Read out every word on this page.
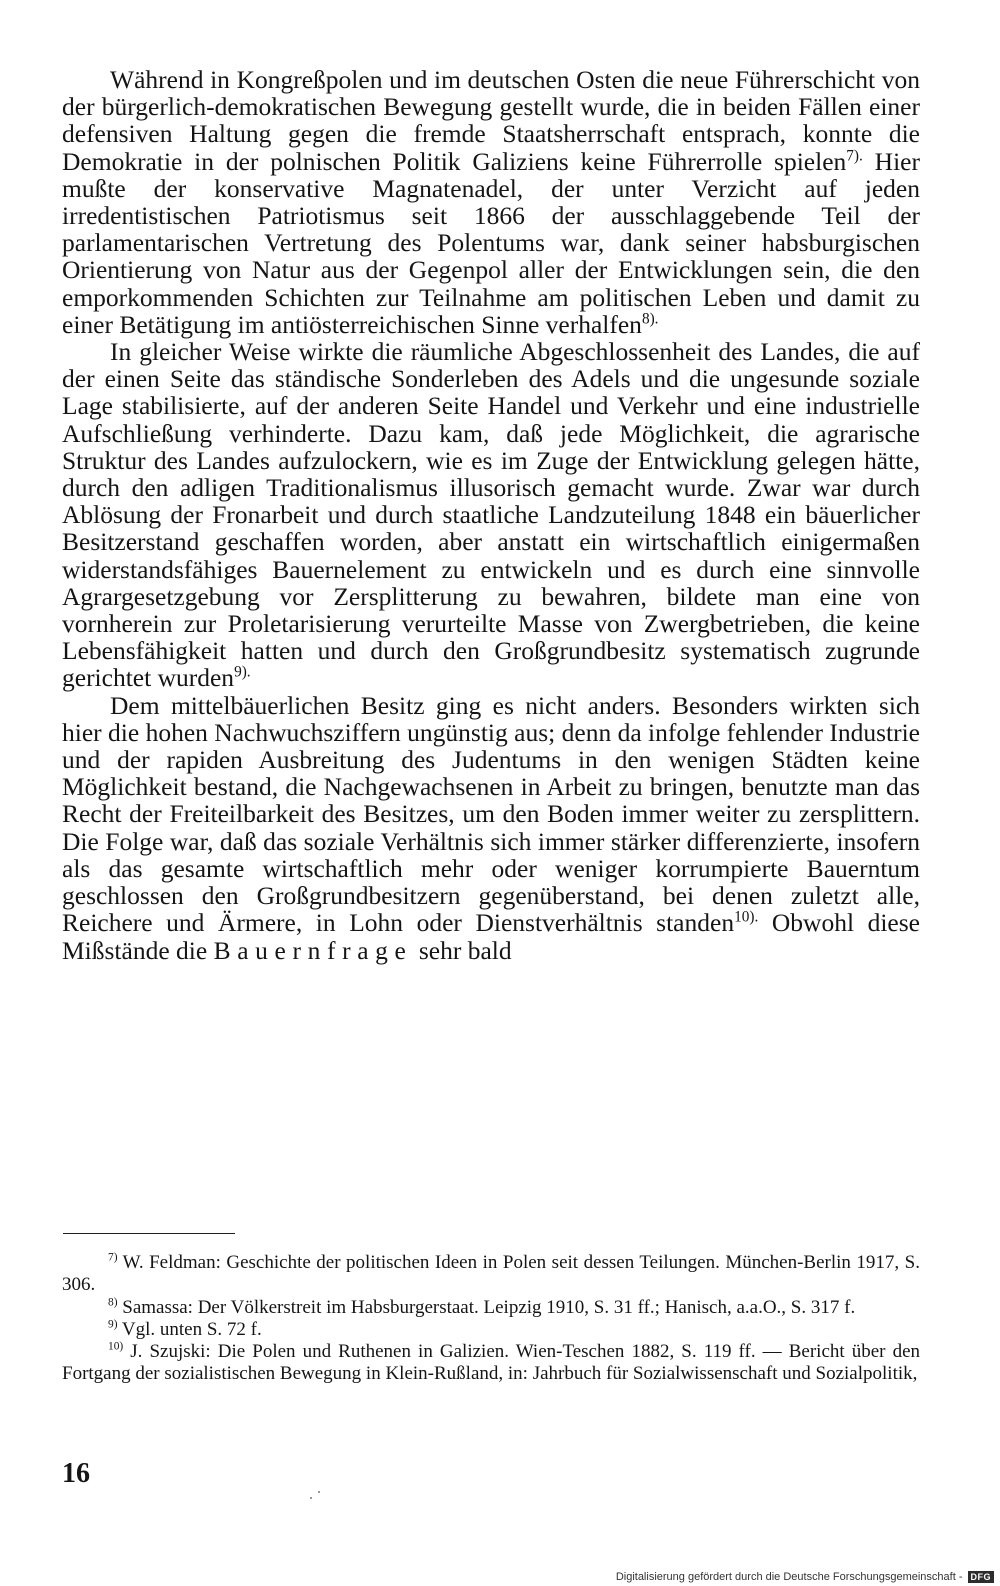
Während in Kongreßpolen und im deutschen Osten die neue Führerschicht von der bürgerlich-demokratischen Bewegung gestellt wurde, die in beiden Fällen einer defensiven Haltung gegen die fremde Staatsherrschaft entsprach, konnte die Demokratie in der polnischen Politik Galiziens keine Führerrolle spielen$^{7).}$ Hier mußte der konservative Magnatenadel, der unter Verzicht auf jeden irredentistischen Patriotismus seit 1866 der ausschlaggebende Teil der parlamentarischen Vertretung des Polentums war, dank seiner habsburgischen Orientierung von Natur aus der Gegenpol aller der Entwicklungen sein, die den emporkommenden Schichten zur Teilnahme am politischen Leben und damit zu einer Betätigung im antiösterreichischen Sinne verhalfen$^{8).}$

In gleicher Weise wirkte die räumliche Abgeschlossenheit des Landes, die auf der einen Seite das ständische Sonderleben des Adels und die ungesunde soziale Lage stabilisierte, auf der anderen Seite Handel und Verkehr und eine industrielle Aufschließung verhinderte. Dazu kam, daß jede Möglichkeit, die agrarische Struktur des Landes aufzulockern, wie es im Zuge der Entwicklung gelegen hätte, durch den adligen Traditionalismus illusorisch gemacht wurde. Zwar war durch Ablösung der Fronarbeit und durch staatliche Landzuteilung 1848 ein bäuerlicher Besitzerstand geschaffen worden, aber anstatt ein wirtschaftlich einigermaßen widerstandsfähiges Bauernelement zu entwickeln und es durch eine sinnvolle Agrargesetzgebung vor Zersplitterung zu bewahren, bildete man eine von vornherein zur Proletarisierung verurteilte Masse von Zwergbetrieben, die keine Lebensfähigkeit hatten und durch den Großgrundbesitz systematisch zugrunde gerichtet wurden$^{9).}$

Dem mittelbäuerlichen Besitz ging es nicht anders. Besonders wirkten sich hier die hohen Nachwuchsziffern ungünstig aus; denn da infolge fehlender Industrie und der rapiden Ausbreitung des Judentums in den wenigen Städten keine Möglichkeit bestand, die Nachgewachsenen in Arbeit zu bringen, benutzte man das Recht der Freiteilbarkeit des Besitzes, um den Boden immer weiter zu zersplittern. Die Folge war, daß das soziale Verhältnis sich immer stärker differenzierte, insofern als das gesamte wirtschaftlich mehr oder weniger korrumpierte Bauerntum geschlossen den Großgrundbesitzern gegenüberstand, bei denen zuletzt alle, Reichere und Ärmere, in Lohn oder Dienstverhältnis standen$^{10).}$ Obwohl diese Mißstände die Bauernfrage sehr bald

$^{7)}$ W. Feldman: Geschichte der politischen Ideen in Polen seit dessen Teilungen. München-Berlin 1917, S. 306.

$^{8)}$ Samassa: Der Völkerstreit im Habsburgerstaat. Leipzig 1910, S. 31 ff.; Hanisch, a.a.O., S. 317 f.

$^{9)}$ Vgl. unten S. 72 f.

$^{10)}$ J. Szujski: Die Polen und Ruthenen in Galizien. Wien-Teschen 1882, S. 119 ff. — Bericht über den Fortgang der sozialistischen Bewegung in Klein-Rußland, in: Jahrbuch für Sozialwissenschaft und Sozialpolitik,

16
Digitalisierung gefördert durch die Deutsche Forschungsgemeinschaft - DFG
